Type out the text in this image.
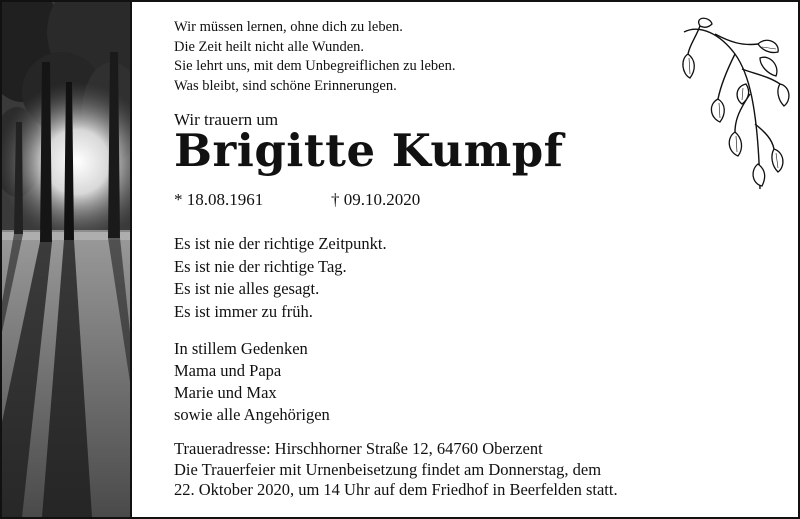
Wir müssen lernen, ohne dich zu leben.
Die Zeit heilt nicht alle Wunden.
Sie lehrt uns, mit dem Unbegreiflichen zu leben.
Was bleibt, sind schöne Erinnerungen.
Wir trauern um
Brigitte Kumpf
* 18.08.1961	† 09.10.2020
Es ist nie der richtige Zeitpunkt.
Es ist nie der richtige Tag.
Es ist nie alles gesagt.
Es ist immer zu früh.
In stillem Gedenken
Mama und Papa
Marie und Max
sowie alle Angehörigen
Traueradresse: Hirschhorner Straße 12, 64760 Oberzent
Die Trauerfeier mit Urnenbeisetzung findet am Donnerstag, dem
22. Oktober 2020, um 14 Uhr auf dem Friedhof in Beerfelden statt.
